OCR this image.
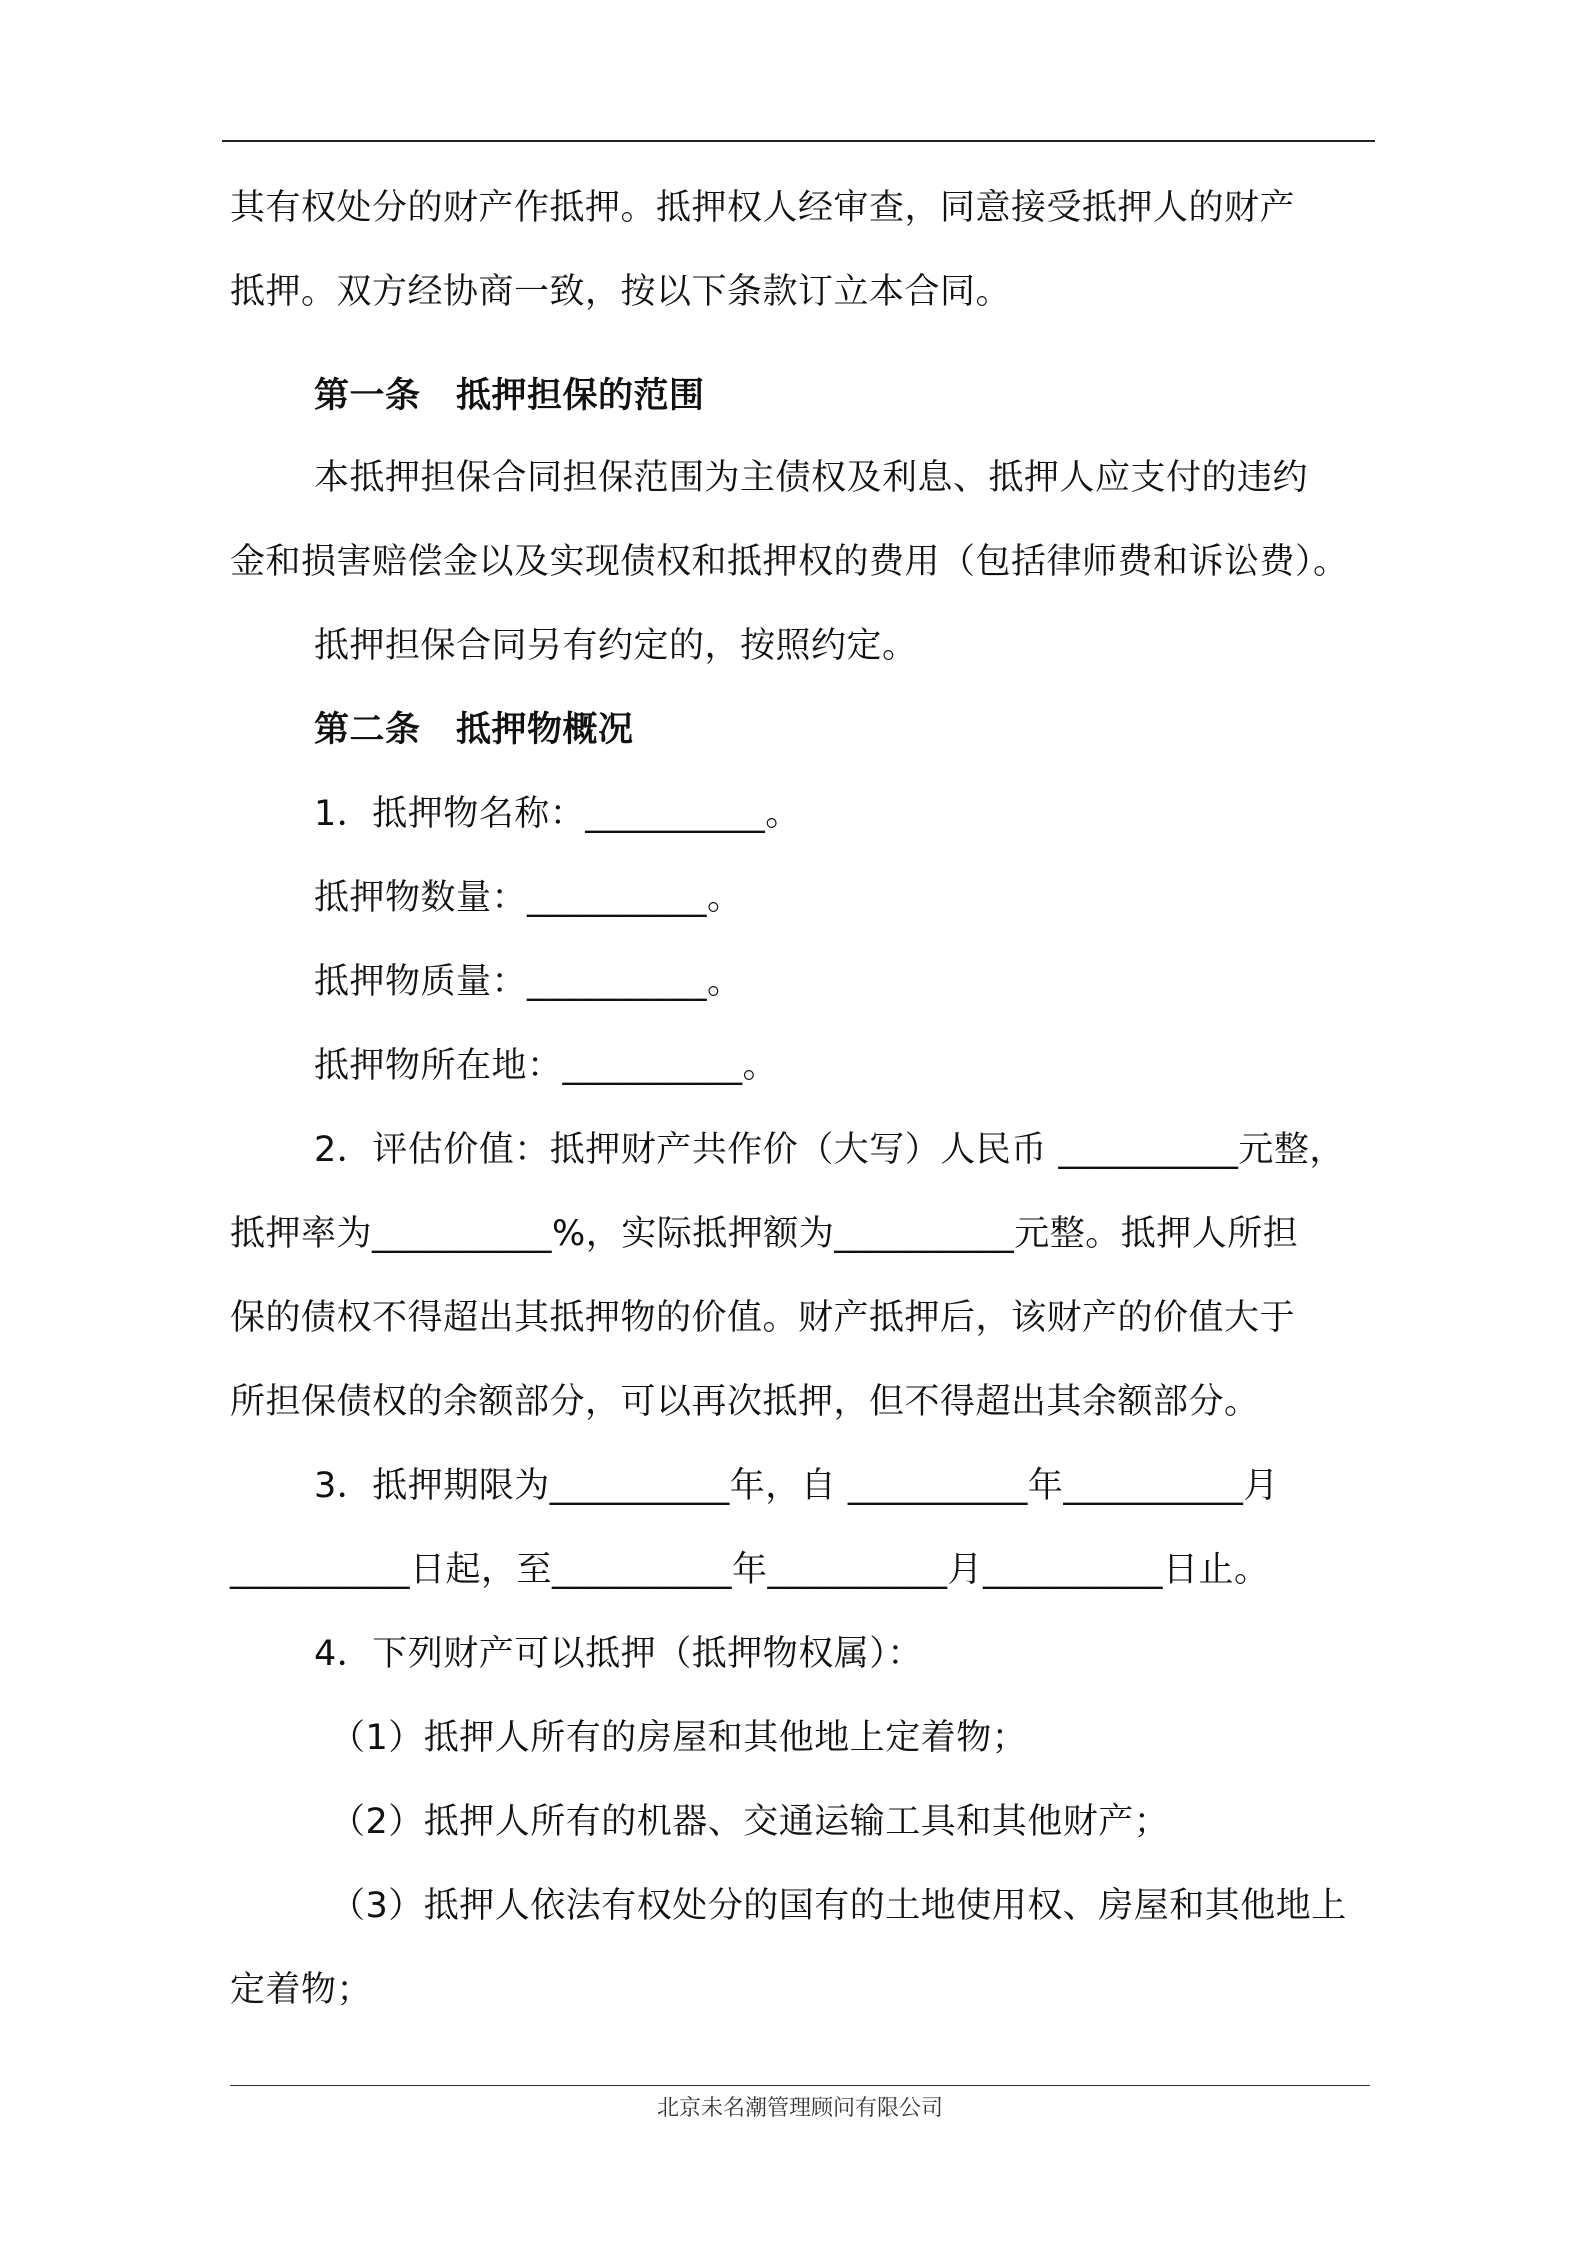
其有权处分的财产作抵押。抵押权人经审查，同意接受抵押人的财产
抵押。双方经协商一致，按以下条款订立本合同。
第一条　抵押担保的范围
本抵押担保合同担保范围为主债权及利息、抵押人应支付的违约
金和损害赔偿金以及实现债权和抵押权的费用（包括律师费和诉讼费）。
抵押担保合同另有约定的，按照约定。
第二条　抵押物概况
1．抵押物名称：__________。
抵押物数量：__________。
抵押物质量：__________。
抵押物所在地：__________。
2．评估价值：抵押财产共作价（大写）人民币 __________元整，
抵押率为__________%，实际抵押额为__________元整。抵押人所担
保的债权不得超出其抵押物的价值。财产抵押后，该财产的价值大于
所担保债权的余额部分，可以再次抵押，但不得超出其余额部分。
3．抵押期限为__________年，自 __________年__________月
__________日起，至__________年__________月__________日止。
4．下列财产可以抵押（抵押物权属）：
（1）抵押人所有的房屋和其他地上定着物；
（2）抵押人所有的机器、交通运输工具和其他财产；
（3）抵押人依法有权处分的国有的土地使用权、房屋和其他地上
定着物；
北京未名潮管理顾问有限公司
